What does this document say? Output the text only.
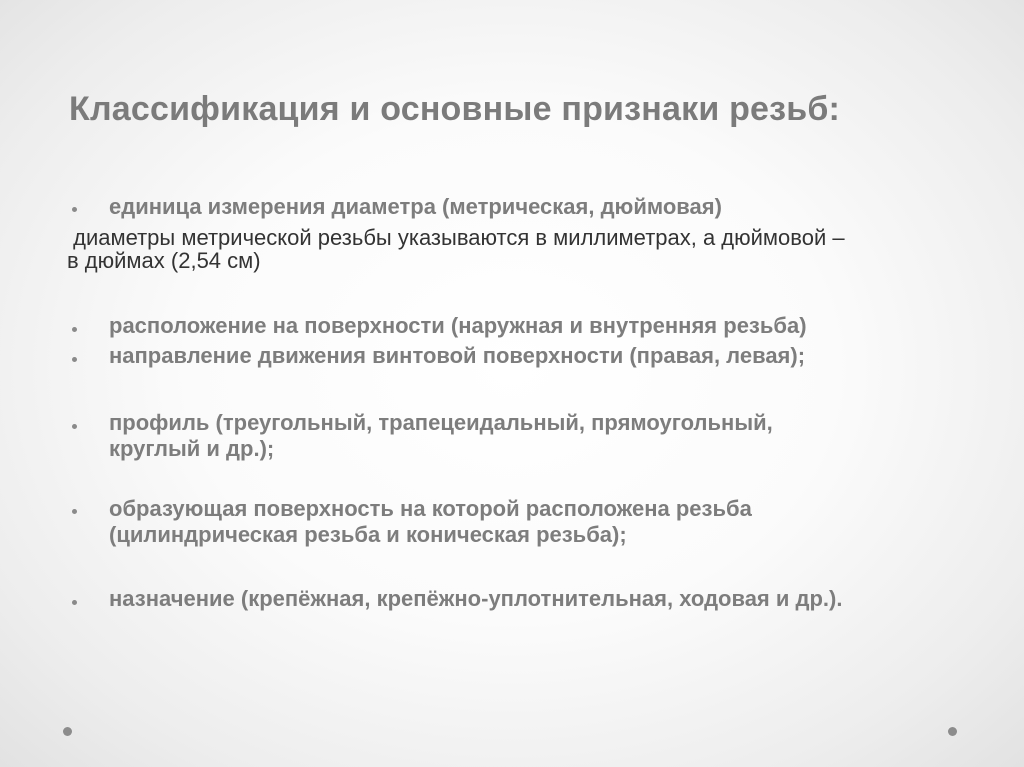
Классификация и основные признаки резьб:
единица измерения диаметра (метрическая, дюймовая)
диаметры метрической резьбы указываются в миллиметрах, а дюймовой –
в дюймах (2,54 см)
расположение на поверхности (наружная и внутренняя резьба)
направление движения винтовой поверхности (правая, левая);
профиль (треугольный, трапецеидальный, прямоугольный,
круглый и др.);
образующая поверхность на которой расположена резьба
(цилиндрическая резьба и коническая резьба);
назначение (крепёжная, крепёжно-уплотнительная, ходовая и др.).
